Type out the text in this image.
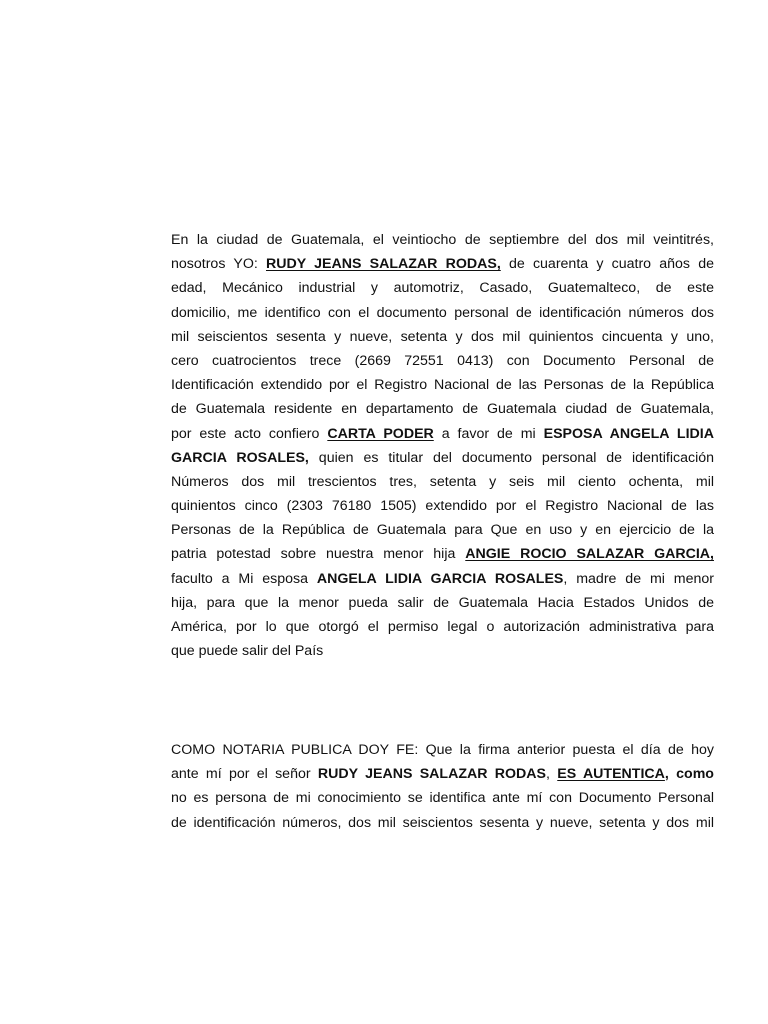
En la ciudad de Guatemala, el veintiocho de septiembre del dos mil veintitrés,
nosotros YO: RUDY JEANS SALAZAR RODAS, de cuarenta y cuatro años de
edad, Mecánico industrial y automotriz, Casado, Guatemalteco, de este
domicilio, me identifico con el documento personal de identificación números dos
mil seiscientos sesenta y nueve, setenta y dos mil quinientos cincuenta y uno,
cero cuatrocientos trece (2669 72551 0413) con Documento Personal de
Identificación extendido por el Registro Nacional de las Personas de la República
de Guatemala residente en departamento de Guatemala ciudad de Guatemala,
por este acto confiero CARTA PODER a favor de mi ESPOSA ANGELA LIDIA
GARCIA ROSALES, quien es titular del documento personal de identificación
Números dos mil trescientos tres, setenta y seis mil ciento ochenta, mil
quinientos cinco (2303 76180 1505) extendido por el Registro Nacional de las
Personas de la República de Guatemala para Que en uso y en ejercicio de la
patria potestad sobre nuestra menor hija ANGIE ROCIO SALAZAR GARCIA,
faculto a Mi esposa ANGELA LIDIA GARCIA ROSALES, madre de mi menor
hija, para que la menor pueda salir de Guatemala Hacia Estados Unidos de
América, por lo que otorgó el permiso legal o autorización administrativa para
que puede salir del País
COMO NOTARIA PUBLICA DOY FE: Que la firma anterior puesta el día de hoy
ante mí por el señor RUDY JEANS SALAZAR RODAS, ES AUTENTICA, como
no es persona de mi conocimiento se identifica ante mí con Documento Personal
de identificación números, dos mil seiscientos sesenta y nueve, setenta y dos mil
